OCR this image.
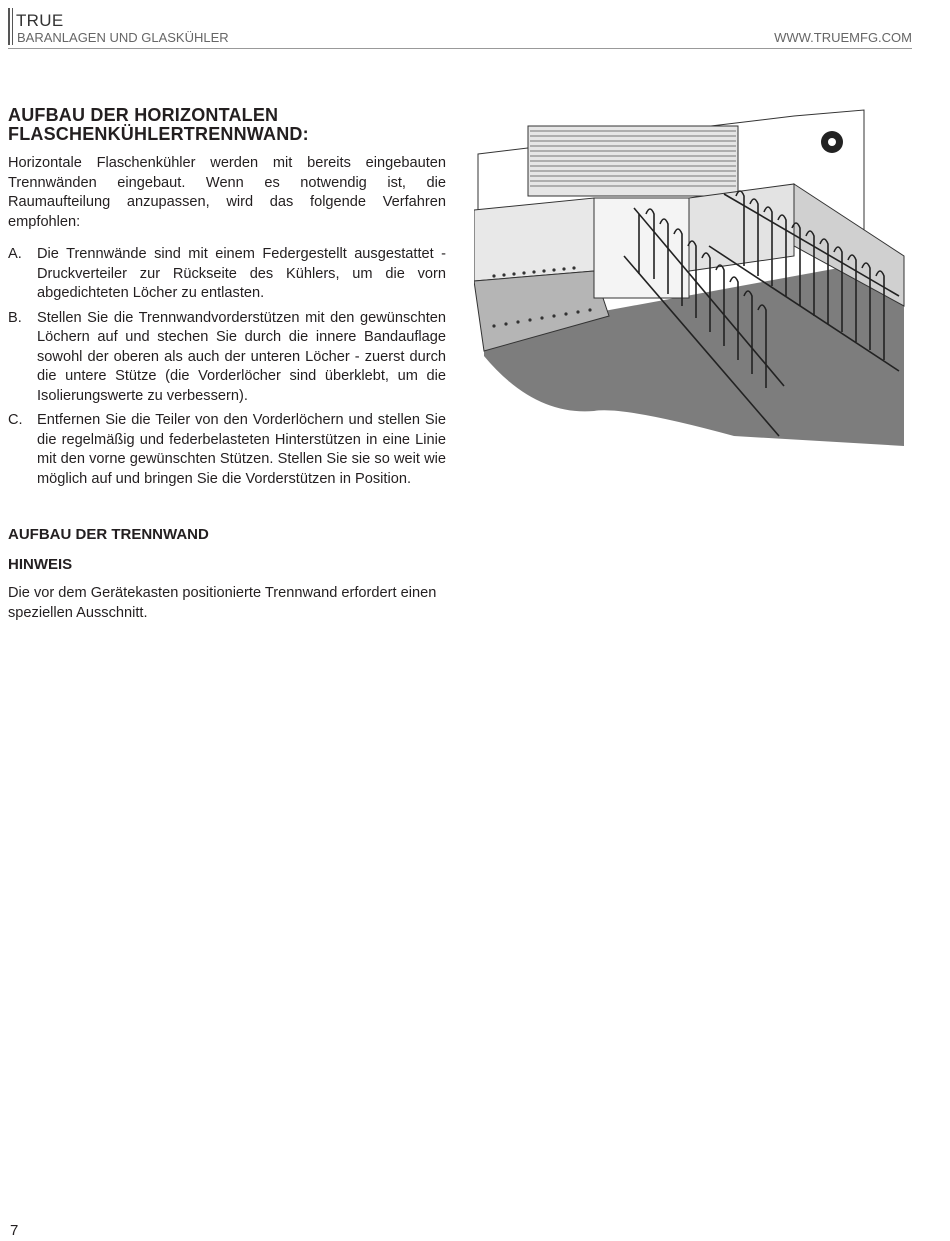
TRUE
BARANLAGEN UND GLASKÜHLER	WWW.TRUEMFG.COM
AUFBAU DER HORIZONTALEN
FLASCHENKÜHLERTRENNWAND:

Horizontale Flaschenkühler werden mit bereits eingebauten Trennwänden eingebaut. Wenn es notwendig ist, die Raumaufteilung anzupassen, wird das folgende Verfahren empfohlen:

A. Die Trennwände sind mit einem Federgestellt ausgestattet - Druckverteiler zur Rückseite des Kühlers, um die vorn abgedichteten Löcher zu entlasten.
B. Stellen Sie die Trennwandvorderstützen mit den gewünschten Löchern auf und stechen Sie durch die innere Bandauflage sowohl der oberen als auch der unteren Löcher - zuerst durch die untere Stütze (die Vorderlöcher sind überklebt, um die Isolierungswerte zu verbessern).
C. Entfernen Sie die Teiler von den Vorderlöchern und stellen Sie die regelmäßig und federbelasteten Hinterstützen in eine Linie mit den vorne gewünschten Stützen. Stellen Sie sie so weit wie möglich auf und bringen Sie die Vorderstützen in Position.
AUFBAU DER TRENNWAND
HINWEIS

Die vor dem Gerätekasten positionierte Trennwand erfordert einen speziellen Ausschnitt.

7
